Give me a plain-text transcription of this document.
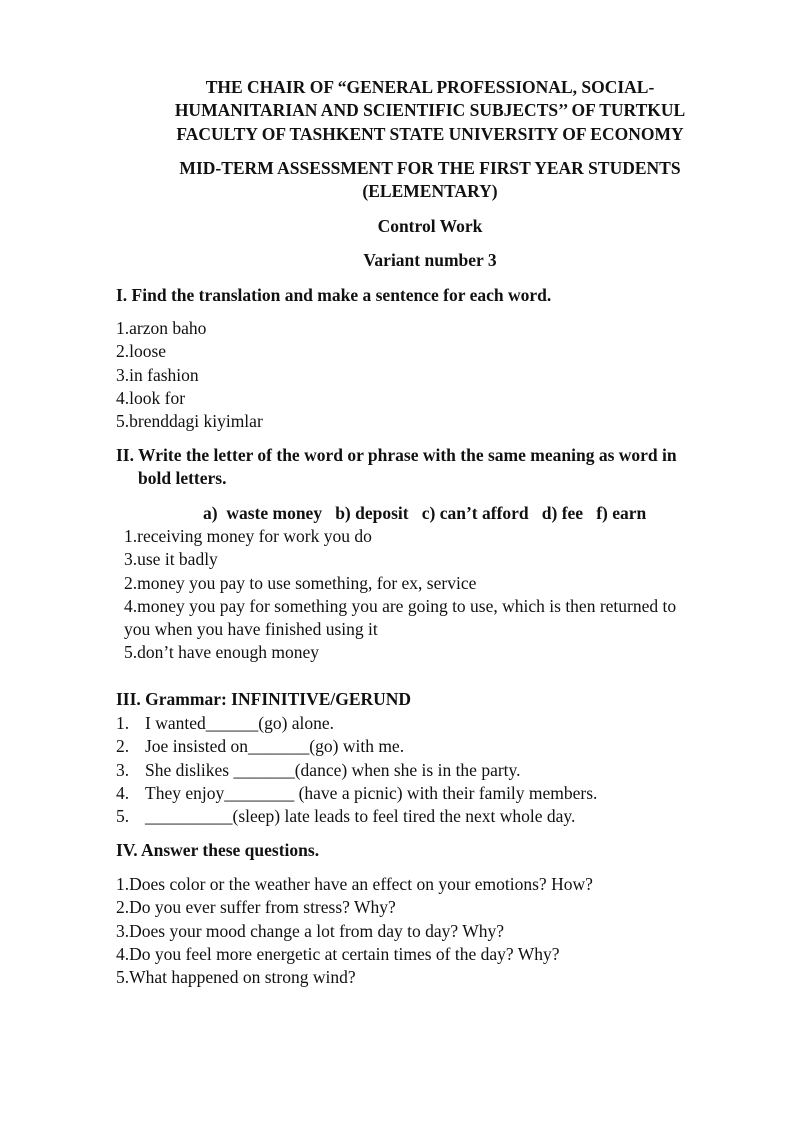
THE CHAIR OF “GENERAL PROFESSIONAL, SOCIAL-
HUMANITARIAN AND SCIENTIFIC SUBJECTS’’ OF TURTKUL
FACULTY OF TASHKENT STATE UNIVERSITY OF ECONOMY
MID-TERM ASSESSMENT FOR THE FIRST YEAR STUDENTS
(ELEMENTARY)
Control Work
Variant number 3
I. Find the translation and make a sentence for each word.
1.arzon baho
2.loose
3.in fashion
4.look for
5.brenddagi kiyimlar
II. Write the letter of the word or phrase with the same meaning as word in
bold letters.
a)  waste money   b) deposit   c) can’t afford   d) fee   f) earn
1.receiving money for work you do
3.use it badly
2.money you pay to use something, for ex, service
4.money you pay for something you are going to use, which is then returned to
you when you have finished using it
5.don’t have enough money
III. Grammar: INFINITIVE/GERUND
1. I wanted______(go) alone.
2. Joe insisted on_______(go) with me.
3. She dislikes _______(dance) when she is in the party.
4. They enjoy________ (have a picnic) with their family members.
5. __________(sleep) late leads to feel tired the next whole day.
IV. Answer these questions.
1.Does color or the weather have an effect on your emotions? How?
2.Do you ever suffer from stress? Why?
3.Does your mood change a lot from day to day? Why?
4.Do you feel more energetic at certain times of the day? Why?
5.What happened on strong wind?
